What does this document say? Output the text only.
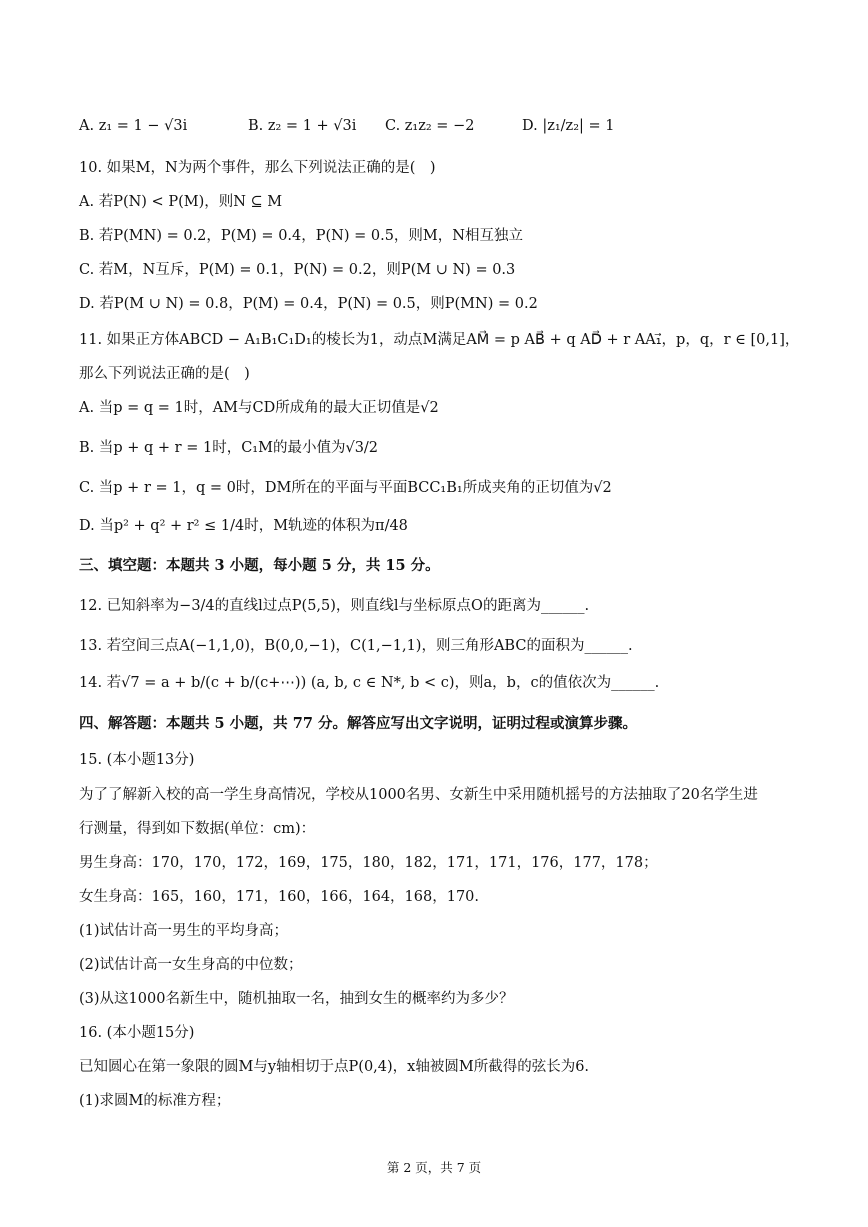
A. z₁ = 1 − √3i	B. z₂ = 1 + √3i C. z₁z₂ = −2	D. |z₁/z₂| = 1
10. 如果M，N为两个事件，那么下列说法正确的是(　)
A. 若P(N) < P(M)，则N ⊆ M
B. 若P(MN) = 0.2，P(M) = 0.4，P(N) = 0.5，则M，N相互独立
C. 若M，N互斥，P(M) = 0.1，P(N) = 0.2，则P(M ∪ N) = 0.3
D. 若P(M ∪ N) = 0.8，P(M) = 0.4，P(N) = 0.5，则P(MN) = 0.2
11. 如果正方体ABCD − A₁B₁C₁D₁的棱长为1，动点M满足AM⃗ = p AB⃗ + q AD⃗ + r AA₁⃗，p，q，r ∈ [0,1]，
那么下列说法正确的是(　)
A. 当p = q = 1时，AM与CD所成角的最大正切值是√2
B. 当p + q + r = 1时，C₁M的最小值为√3/2
C. 当p + r = 1，q = 0时，DM所在的平面与平面BCC₁B₁所成夹角的正切值为√2
D. 当p² + q² + r² ≤ 1/4时，M轨迹的体积为π/48
三、填空题：本题共 3 小题，每小题 5 分，共 15 分。
12. 已知斜率为−3/4的直线l过点P(5,5)，则直线l与坐标原点O的距离为______.
13. 若空间三点A(−1,1,0)，B(0,0,−1)，C(1,−1,1)，则三角形ABC的面积为______.
14. 若√7 = a + b/(c + b/(c+⋯)) (a, b, c ∈ N*, b < c)，则a，b，c的值依次为______.
四、解答题：本题共 5 小题，共 77 分。解答应写出文字说明，证明过程或演算步骤。
15. (本小题13分)
为了了解新入校的高一学生身高情况，学校从1000名男、女新生中采用随机摇号的方法抽取了20名学生进
行测量，得到如下数据(单位：cm)：
男生身高：170，170，172，169，175，180，182，171，171，176，177，178；
女生身高：165，160，171，160，166，164，168，170.
(1)试估计高一男生的平均身高；
(2)试估计高一女生身高的中位数；
(3)从这1000名新生中，随机抽取一名，抽到女生的概率约为多少？
16. (本小题15分)
已知圆心在第一象限的圆M与y轴相切于点P(0,4)，x轴被圆M所截得的弦长为6.
(1)求圆M的标准方程；
第 2 页，共 7 页
